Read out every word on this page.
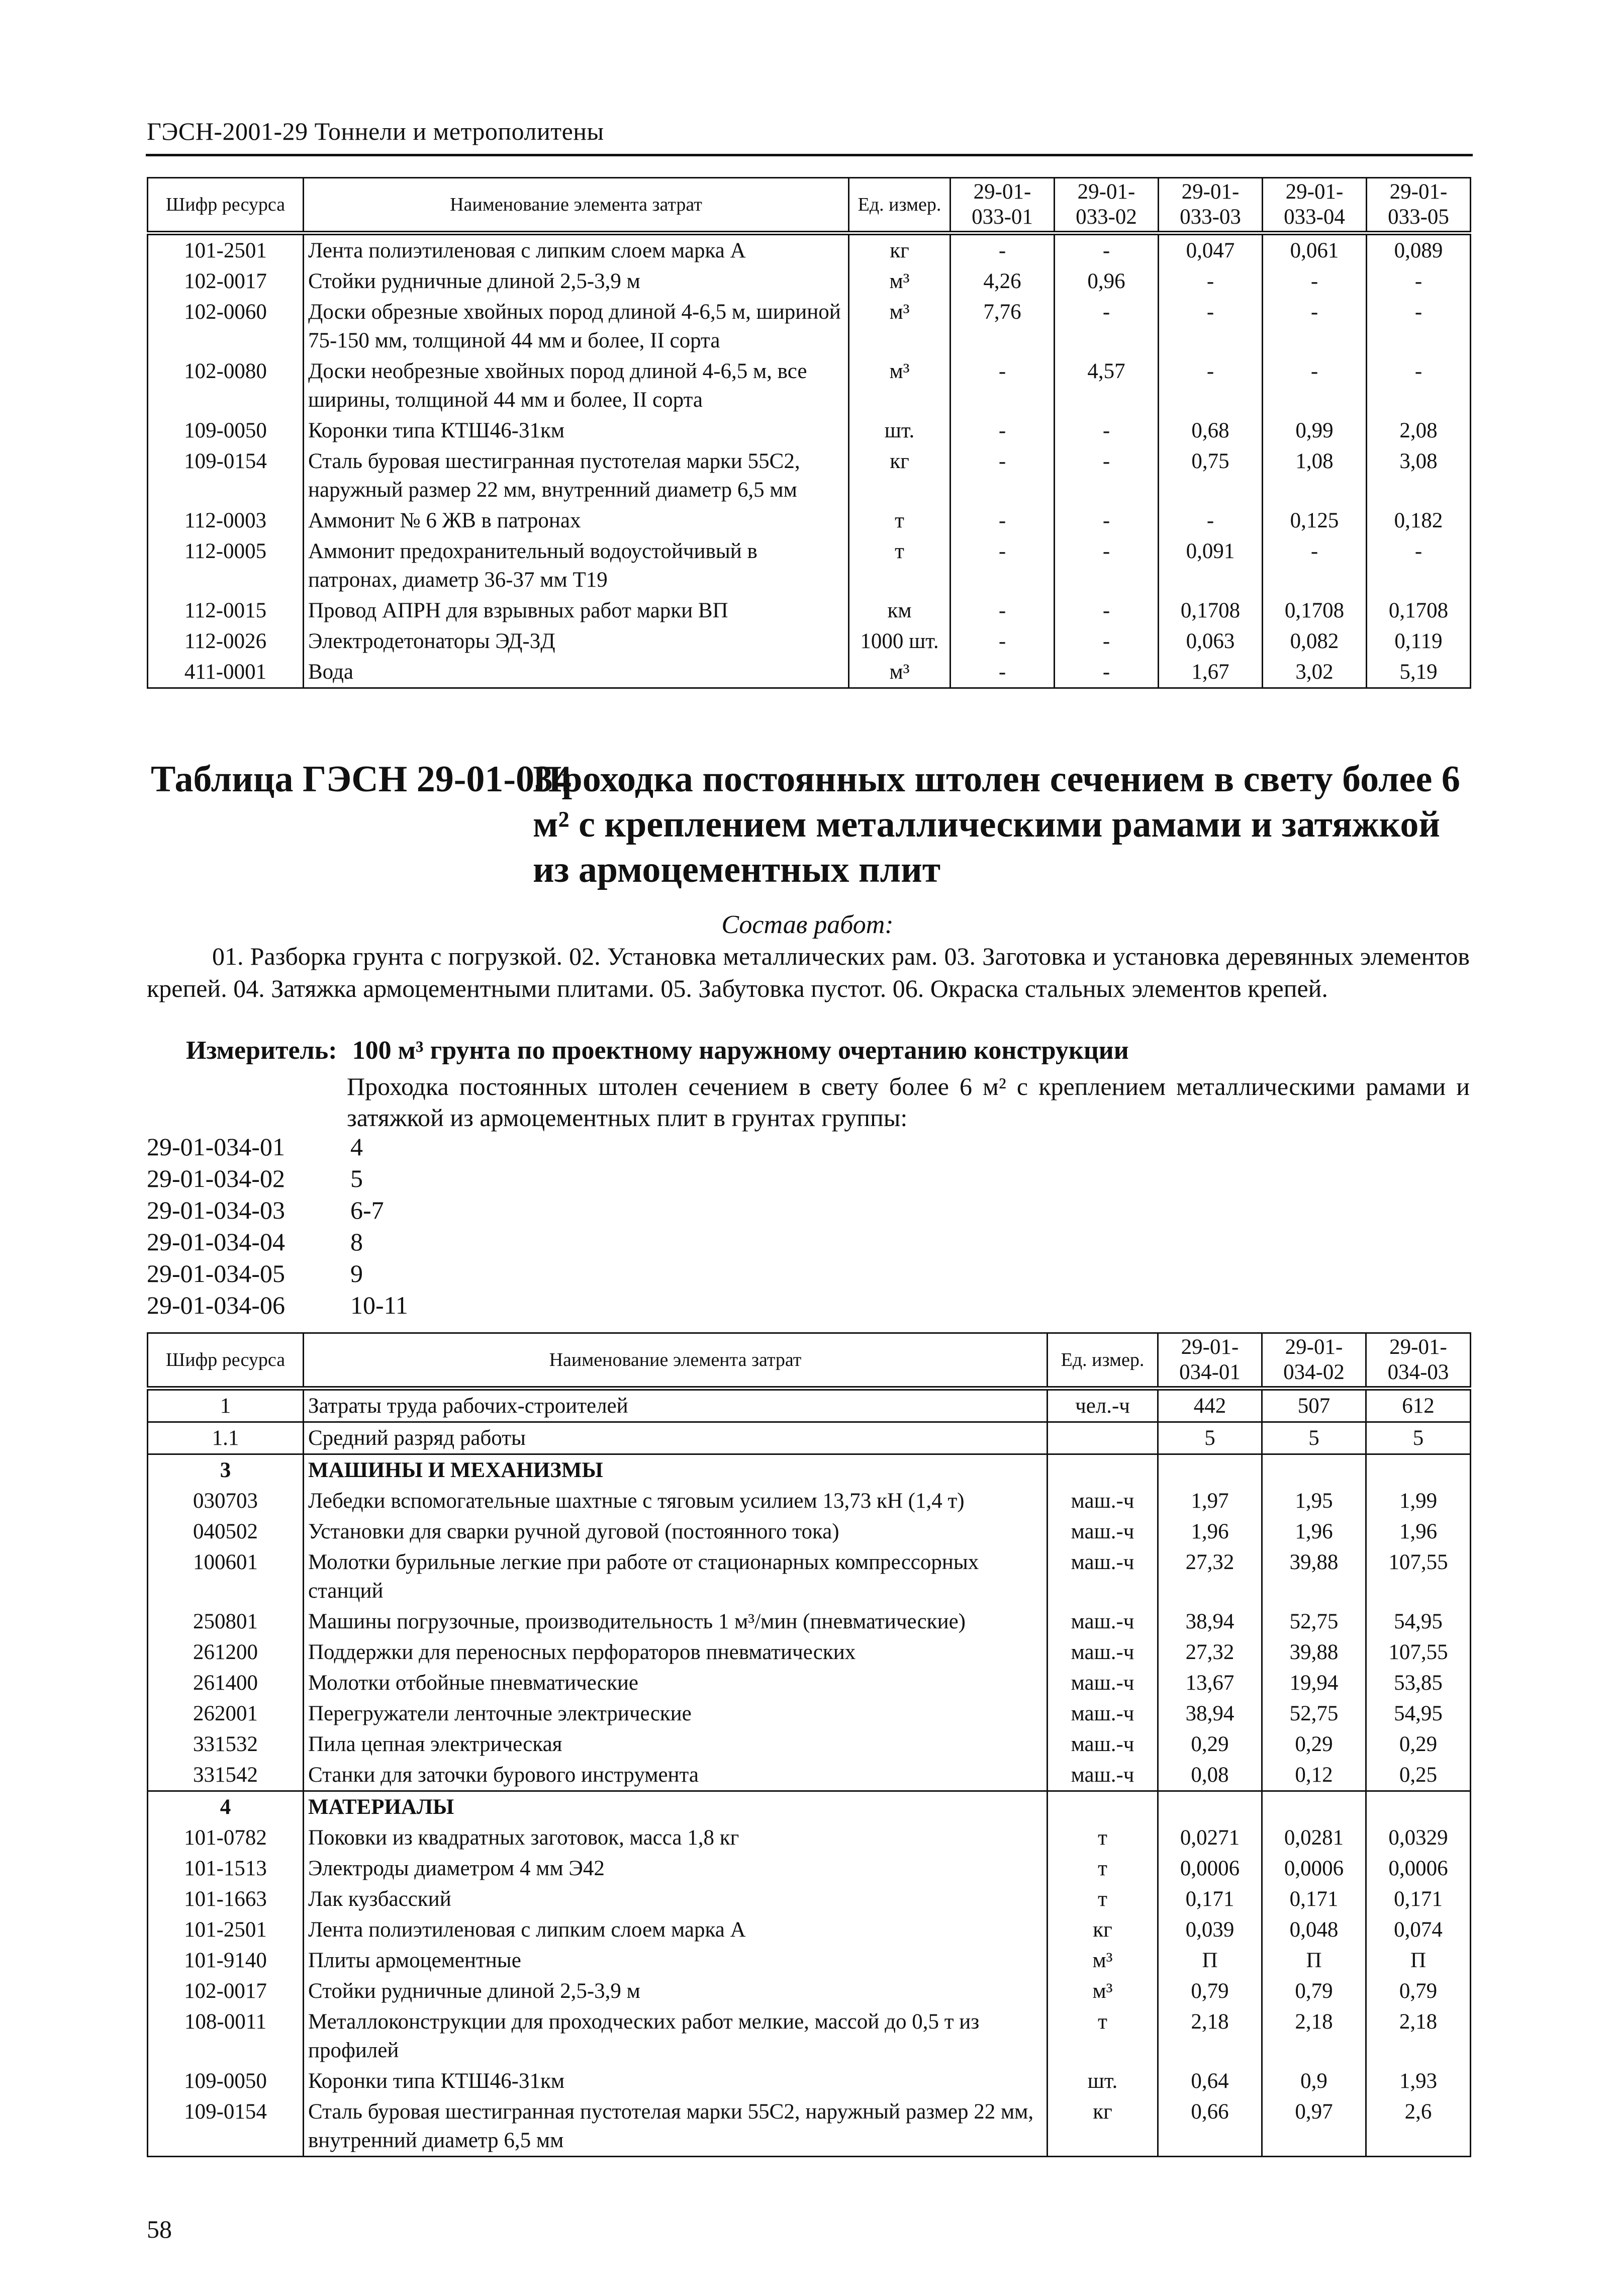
ГЭСН-2001-29 Тоннели и метрополитены
Шифр ресурса	Наименование элемента затрат	Ед. измер.	29-01-033-01	29-01-033-02	29-01-033-03	29-01-033-04	29-01-033-05
101-2501	Лента полиэтиленовая с липким слоем марка А	кг	-	-	0,047	0,061	0,089
102-0017	Стойки рудничные длиной 2,5-3,9 м	м³	4,26	0,96	-	-	-
102-0060	Доски обрезные хвойных пород длиной 4-6,5 м, шириной 75-150 мм, толщиной 44 мм и более, II сорта	м³	7,76	-	-	-	-
102-0080	Доски необрезные хвойных пород длиной 4-6,5 м, все ширины, толщиной 44 мм и более, II сорта	м³	-	4,57	-	-	-
109-0050	Коронки типа КТШ46-31км	шт.	-	-	0,68	0,99	2,08
109-0154	Сталь буровая шестигранная пустотелая марки 55С2, наружный размер 22 мм, внутренний диаметр 6,5 мм	кг	-	-	0,75	1,08	3,08
112-0003	Аммонит № 6 ЖВ в патронах	т	-	-	-	0,125	0,182
112-0005	Аммонит предохранительный водоустойчивый в патронах, диаметр 36-37 мм Т19	т	-	-	0,091	-	-
112-0015	Провод АПРН для взрывных работ марки ВП	км	-	-	0,1708	0,1708	0,1708
112-0026	Электродетонаторы ЭД-3Д	1000 шт.	-	-	0,063	0,082	0,119
411-0001	Вода	м³	-	-	1,67	3,02	5,19
Таблица ГЭСН 29-01-034
Проходка постоянных штолен сечением в свету более 6 м² с креплением металлическими рамами и затяжкой из армоцементных плит
Состав работ:
01. Разборка грунта с погрузкой. 02. Установка металлических рам. 03. Заготовка и установка деревянных элементов крепей. 04. Затяжка армоцементными плитами. 05. Забутовка пустот. 06. Окраска стальных элементов крепей.
Измеритель: 100 м³ грунта по проектному наружному очертанию конструкции
Проходка постоянных штолен сечением в свету более 6 м² с креплением металлическими рамами и затяжкой из армоцементных плит в грунтах группы:
29-01-034-01	4
29-01-034-02	5
29-01-034-03	6-7
29-01-034-04	8
29-01-034-05	9
29-01-034-06	10-11
Шифр ресурса	Наименование элемента затрат	Ед. измер.	29-01-034-01	29-01-034-02	29-01-034-03
1	Затраты труда рабочих-строителей	чел.-ч	442	507	612
1.1	Средний разряд работы		5	5	5
3	МАШИНЫ И МЕХАНИЗМЫ				
030703	Лебедки вспомогательные шахтные с тяговым усилием 13,73 кН (1,4 т)	маш.-ч	1,97	1,95	1,99
040502	Установки для сварки ручной дуговой (постоянного тока)	маш.-ч	1,96	1,96	1,96
100601	Молотки бурильные легкие при работе от стационарных компрессорных станций	маш.-ч	27,32	39,88	107,55
250801	Машины погрузочные, производительность 1 м³/мин (пневматические)	маш.-ч	38,94	52,75	54,95
261200	Поддержки для переносных перфораторов пневматических	маш.-ч	27,32	39,88	107,55
261400	Молотки отбойные пневматические	маш.-ч	13,67	19,94	53,85
262001	Перегружатели ленточные электрические	маш.-ч	38,94	52,75	54,95
331532	Пила цепная электрическая	маш.-ч	0,29	0,29	0,29
331542	Станки для заточки бурового инструмента	маш.-ч	0,08	0,12	0,25
4	МАТЕРИАЛЫ				
101-0782	Поковки из квадратных заготовок, масса 1,8 кг	т	0,0271	0,0281	0,0329
101-1513	Электроды диаметром 4 мм Э42	т	0,0006	0,0006	0,0006
101-1663	Лак кузбасский	т	0,171	0,171	0,171
101-2501	Лента полиэтиленовая с липким слоем марка А	кг	0,039	0,048	0,074
101-9140	Плиты армоцементные	м³	П	П	П
102-0017	Стойки рудничные длиной 2,5-3,9 м	м³	0,79	0,79	0,79
108-0011	Металлоконструкции для проходческих работ мелкие, массой до 0,5 т из профилей	т	2,18	2,18	2,18
109-0050	Коронки типа КТШ46-31км	шт.	0,64	0,9	1,93
109-0154	Сталь буровая шестигранная пустотелая марки 55С2, наружный размер 22 мм, внутренний диаметр 6,5 мм	кг	0,66	0,97	2,6
58
